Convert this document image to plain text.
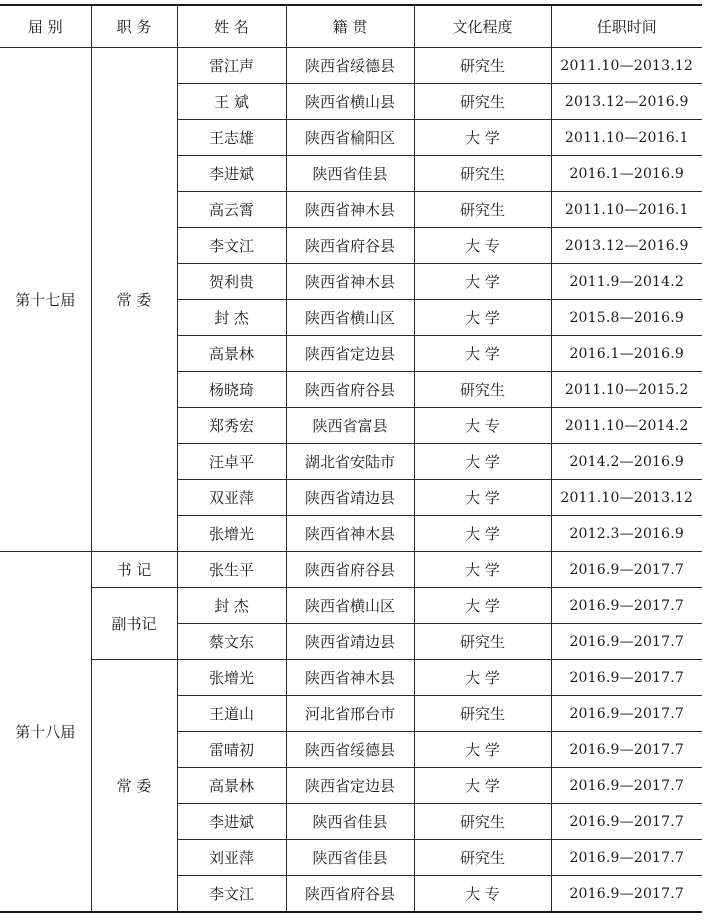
届 别	职 务	姓 名	籍 贯	文化程度	任职时间
第十七届	常 委	雷江声	陕西省绥德县	研究生	2011.10—2013.12
		王 斌	陕西省横山县	研究生	2013.12—2016.9
		王志雄	陕西省榆阳区	大 学	2011.10—2016.1
		李进斌	陕西省佳县	研究生	2016.1—2016.9
		高云霄	陕西省神木县	研究生	2011.10—2016.1
		李文江	陕西省府谷县	大 专	2013.12—2016.9
		贺利贵	陕西省神木县	大 学	2011.9—2014.2
		封 杰	陕西省横山区	大 学	2015.8—2016.9
		高景林	陕西省定边县	大 学	2016.1—2016.9
		杨晓琦	陕西省府谷县	研究生	2011.10—2015.2
		郑秀宏	陕西省富县	大 专	2011.10—2014.2
		汪卓平	湖北省安陆市	大 学	2014.2—2016.9
		双亚萍	陕西省靖边县	大 学	2011.10—2013.12
		张增光	陕西省神木县	大 学	2012.3—2016.9
第十八届	书 记	张生平	陕西省府谷县	大 学	2016.9—2017.7
	副书记	封 杰	陕西省横山区	大 学	2016.9—2017.7
		蔡文东	陕西省靖边县	研究生	2016.9—2017.7
	常 委	张增光	陕西省神木县	大 学	2016.9—2017.7
		王道山	河北省邢台市	研究生	2016.9—2017.7
		雷晴初	陕西省绥德县	大 学	2016.9—2017.7
		高景林	陕西省定边县	大 学	2016.9—2017.7
		李进斌	陕西省佳县	研究生	2016.9—2017.7
		刘亚萍	陕西省佳县	研究生	2016.9—2017.7
		李文江	陕西省府谷县	大 专	2016.9—2017.7
